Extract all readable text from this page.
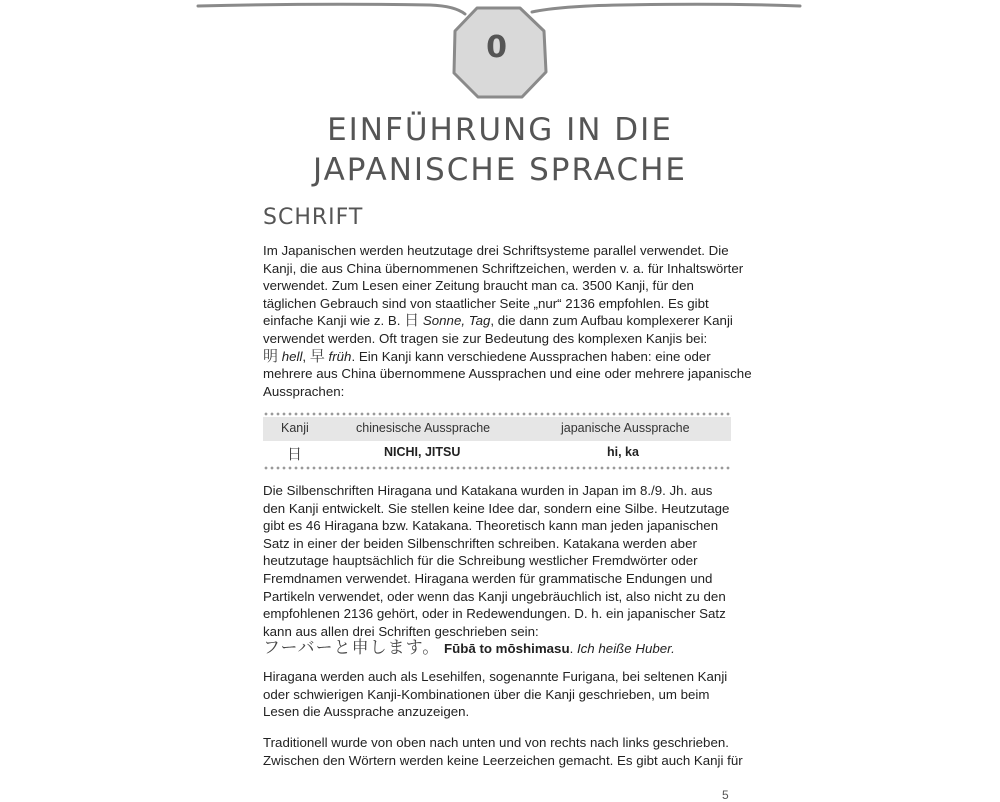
0
EINFÜHRUNG IN DIE
JAPANISCHE SPRACHE
SCHRIFT
Im Japanischen werden heutzutage drei Schriftsysteme parallel verwendet. Die
Kanji, die aus China übernommenen Schriftzeichen, werden v. a. für Inhaltswörter
verwendet. Zum Lesen einer Zeitung braucht man ca. 3500 Kanji, für den
täglichen Gebrauch sind von staatlicher Seite „nur“ 2136 empfohlen. Es gibt
einfache Kanji wie z. B. 日 Sonne, Tag, die dann zum Aufbau komplexerer Kanji
verwendet werden. Oft tragen sie zur Bedeutung des komplexen Kanjis bei:
明 hell, 早 früh. Ein Kanji kann verschiedene Aussprachen haben: eine oder
mehrere aus China übernommene Aussprachen und eine oder mehrere japanische
Aussprachen:
Kanji	chinesische Aussprache	japanische Aussprache
日	NICHI, JITSU	hi, ka
Die Silbenschriften Hiragana und Katakana wurden in Japan im 8./9. Jh. aus
den Kanji entwickelt. Sie stellen keine Idee dar, sondern eine Silbe. Heutzutage
gibt es 46 Hiragana bzw. Katakana. Theoretisch kann man jeden japanischen
Satz in einer der beiden Silbenschriften schreiben. Katakana werden aber
heutzutage hauptsächlich für die Schreibung westlicher Fremdwörter oder
Fremdnamen verwendet. Hiragana werden für grammatische Endungen und
Partikeln verwendet, oder wenn das Kanji ungebräuchlich ist, also nicht zu den
empfohlenen 2136 gehört, oder in Redewendungen. D. h. ein japanischer Satz
kann aus allen drei Schriften geschrieben sein:
フーバーと申します。 Fūbā to mōshimasu. Ich heiße Huber.
Hiragana werden auch als Lesehilfen, sogenannte Furigana, bei seltenen Kanji
oder schwierigen Kanji-Kombinationen über die Kanji geschrieben, um beim
Lesen die Aussprache anzuzeigen.
Traditionell wurde von oben nach unten und von rechts nach links geschrieben.
Zwischen den Wörtern werden keine Leerzeichen gemacht. Es gibt auch Kanji für
5
